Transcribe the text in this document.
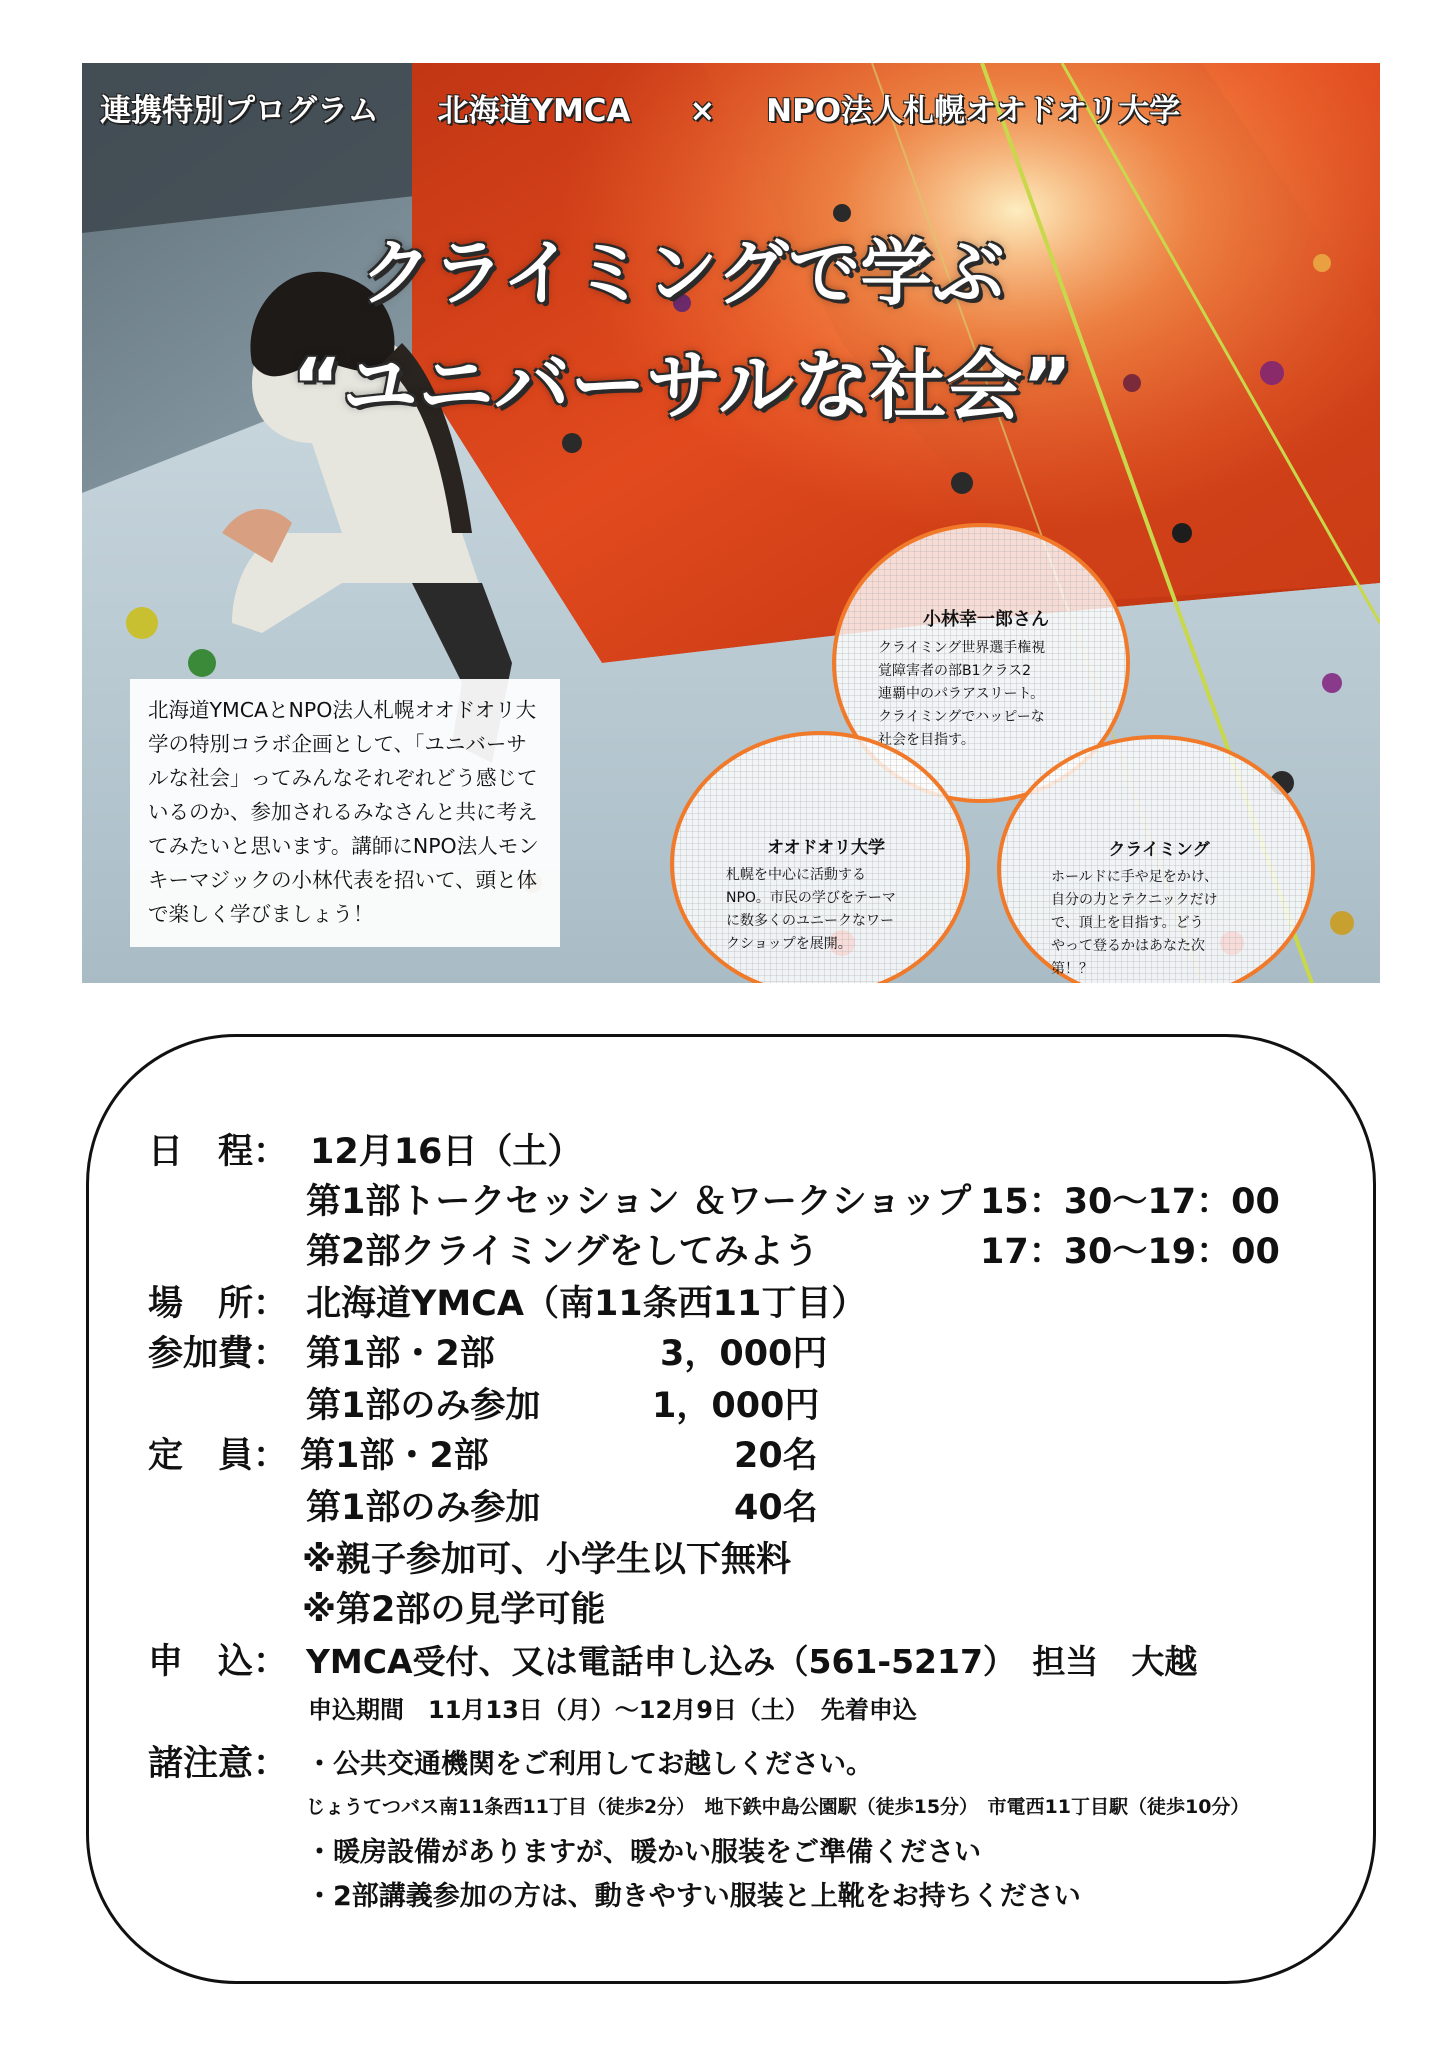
連携特別プログラム 北海道YMCA × NPO法人札幌オオドオリ大学
クライミングで学ぶ
“ユニバーサルな社会”
北海道YMCAとNPO法人札幌オオドオリ大
学の特別コラボ企画として、「ユニバーサ
ルな社会」ってみんなそれぞれどう感じて
いるのか、参加されるみなさんと共に考え
てみたいと思います。講師にNPO法人モン
キーマジックの小林代表を招いて、頭と体
で楽しく学びましょう！
小林幸一郎さん
クライミング世界選手権視
覚障害者の部B1クラス2
連覇中のパラアスリート。
クライミングでハッピーな
社会を目指す。
オオドオリ大学
札幌を中心に活動する
NPO。市民の学びをテーマ
に数多くのユニークなワー
クショップを展開。
クライミング
ホールドに手や足をかけ、
自分の力とテクニックだけ
で、頂上を目指す。どう
やって登るかはあなた次
第！？
日　程： 12月16日（土）
第1部トークセッション ＆ワークショップ 15：30〜17：00
第2部クライミングをしてみよう	17：30〜19：00
場　所： 北海道YMCA（南11条西11丁目）
参加費： 第1部・2部	3，000円
第1部のみ参加	1，000円
定　員： 第1部・2部	20名
第1部のみ参加	40名
※親子参加可、小学生以下無料
※第2部の見学可能
申　込： YMCA受付、又は電話申し込み（561-5217）　担当　大越
申込期間　11月13日（月）〜12月9日（土）　先着申込
諸注意： ・公共交通機関をご利用してお越しください。
じょうてつバス南11条西11丁目（徒歩2分）　地下鉄中島公園駅（徒歩15分）　市電西11丁目駅（徒歩10分）
・暖房設備がありますが、暖かい服装をご準備ください
・2部講義参加の方は、動きやすい服装と上靴をお持ちください
